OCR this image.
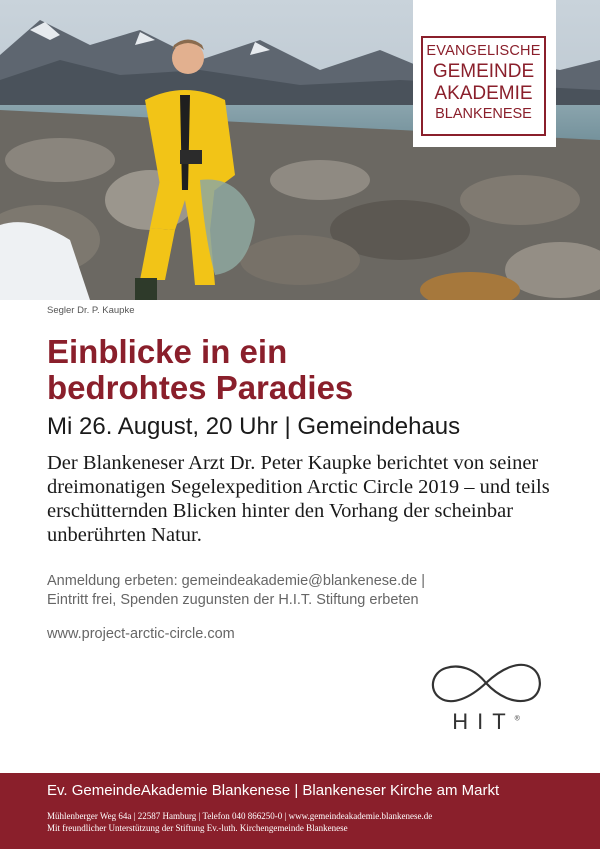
EVANGELISCHE
GEMEINDE
AKADEMIE
BLANKENESE
Segler Dr. P. Kaupke
Einblicke in ein
bedrohtes Paradies
Mi 26. August, 20 Uhr | Gemeindehaus
Der Blankeneser Arzt Dr. Peter Kaupke berichtet von seiner dreimonatigen Segelexpedition Arctic Circle 2019 – und teils erschütternden Blicken hinter den Vorhang der scheinbar unberührten Natur.
Anmeldung erbeten: gemeindeakademie@blankenese.de |
Eintritt frei, Spenden zugunsten der H.I.T. Stiftung erbeten
www.project-arctic-circle.com
HIT®
Ev. GemeindeAkademie Blankenese | Blankeneser Kirche am Markt
Mühlenberger Weg 64a | 22587 Hamburg | Telefon 040 866250-0 | www.gemeindeakademie.blankenese.de
Mit freundlicher Unterstützung der Stiftung Ev.-luth. Kirchengemeinde Blankenese
